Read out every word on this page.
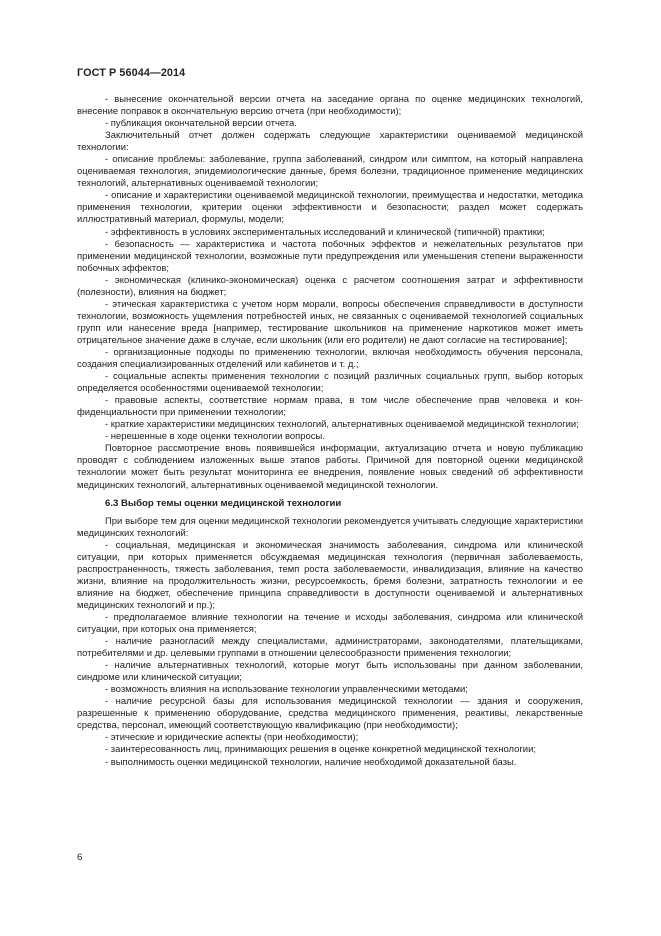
ГОСТ Р 56044—2014

- вынесение окончательной версии отчета на заседание органа по оценке медицинских технологий, внесение поправок в окончательную версию отчета (при необходимости);

- публикация окончательной версии отчета.

Заключительный отчет должен содержать следующие характеристики оцениваемой медицинской технологии:

- описание проблемы: заболевание, группа заболеваний, синдром или симптом, на который направлена оцениваемая технология, эпидемиологические данные, бремя болезни, традиционное применение медицинских технологий, альтернативных оцениваемой технологии;

- описание и характеристики оцениваемой медицинской технологии, преимущества и недостатки, методика применения технологии, критерии оценки эффективности и безопасности; раздел может содержать иллюстративный материал, формулы, модели;

- эффективность в условиях экспериментальных исследований и клинической (типичной) практики;

- безопасность — характеристика и частота побочных эффектов и нежелательных результатов при применении медицинской технологии, возможные пути предупреждения или уменьшения степени выраженности побочных эффектов;

- экономическая (клинико-экономическая) оценка с расчетом соотношения затрат и эффективности (полезности), влияния на бюджет;

- этическая характеристика с учетом норм морали, вопросы обеспечения справедливости в доступности технологии, возможность ущемления потребностей иных, не связанных с оцениваемой технологией социальных групп или нанесение вреда [например, тестирование школьников на применение наркотиков может иметь отрицательное значение даже в случае, если школьник (или его родители) не дают согласие на тестирование];

- организационные подходы по применению технологии, включая необходимость обучения персонала, создания специализированных отделений или кабинетов и т. д.;

- социальные аспекты применения технологии с позиций различных социальных групп, выбор которых определяется особенностями оцениваемой технологии;

- правовые аспекты, соответствие нормам права, в том числе обеспечение прав человека и конфиденциальности при применении технологии;

- краткие характеристики медицинских технологий, альтернативных оцениваемой медицинской технологии;

- нерешенные в ходе оценки технологии вопросы.

Повторное рассмотрение вновь появившейся информации, актуализацию отчета и новую публикацию проводят с соблюдением изложенных выше этапов работы. Причиной для повторной оценки медицинской технологии может быть результат мониторинга ее внедрения, появление новых сведений об эффективности медицинских технологий, альтернативных оцениваемой медицинской технологии.

6.3 Выбор темы оценки медицинской технологии

При выборе тем для оценки медицинской технологии рекомендуется учитывать следующие характеристики медицинских технологий:

- социальная, медицинская и экономическая значимость заболевания, синдрома или клинической ситуации, при которых применяется обсуждаемая медицинская технология (первичная заболеваемость, распространенность, тяжесть заболевания, темп роста заболеваемости, инвалидизация, влияние на качество жизни, влияние на продолжительность жизни, ресурсоемкость, бремя болезни, затратность технологии и ее влияние на бюджет, обеспечение принципа справедливости в доступности оцениваемой и альтернативных медицинских технологий и пр.);

- предполагаемое влияние технологии на течение и исходы заболевания, синдрома или клинической ситуации, при которых она применяется;

- наличие разногласий между специалистами, администраторами, законодателями, плательщиками, потребителями и др. целевыми группами в отношении целесообразности применения технологии;

- наличие альтернативных технологий, которые могут быть использованы при данном заболевании, синдроме или клинической ситуации;

- возможность влияния на использование технологии управленческими методами;

- наличие ресурсной базы для использования медицинской технологии — здания и сооружения, разрешенные к применению оборудование, средства медицинского применения, реактивы, лекарственные средства, персонал, имеющий соответствующую квалификацию (при необходимости);

- этические и юридические аспекты (при необходимости);

- заинтересованность лиц, принимающих решения в оценке конкретной медицинской технологии;

- выполнимость оценки медицинской технологии, наличие необходимой доказательной базы.

6
